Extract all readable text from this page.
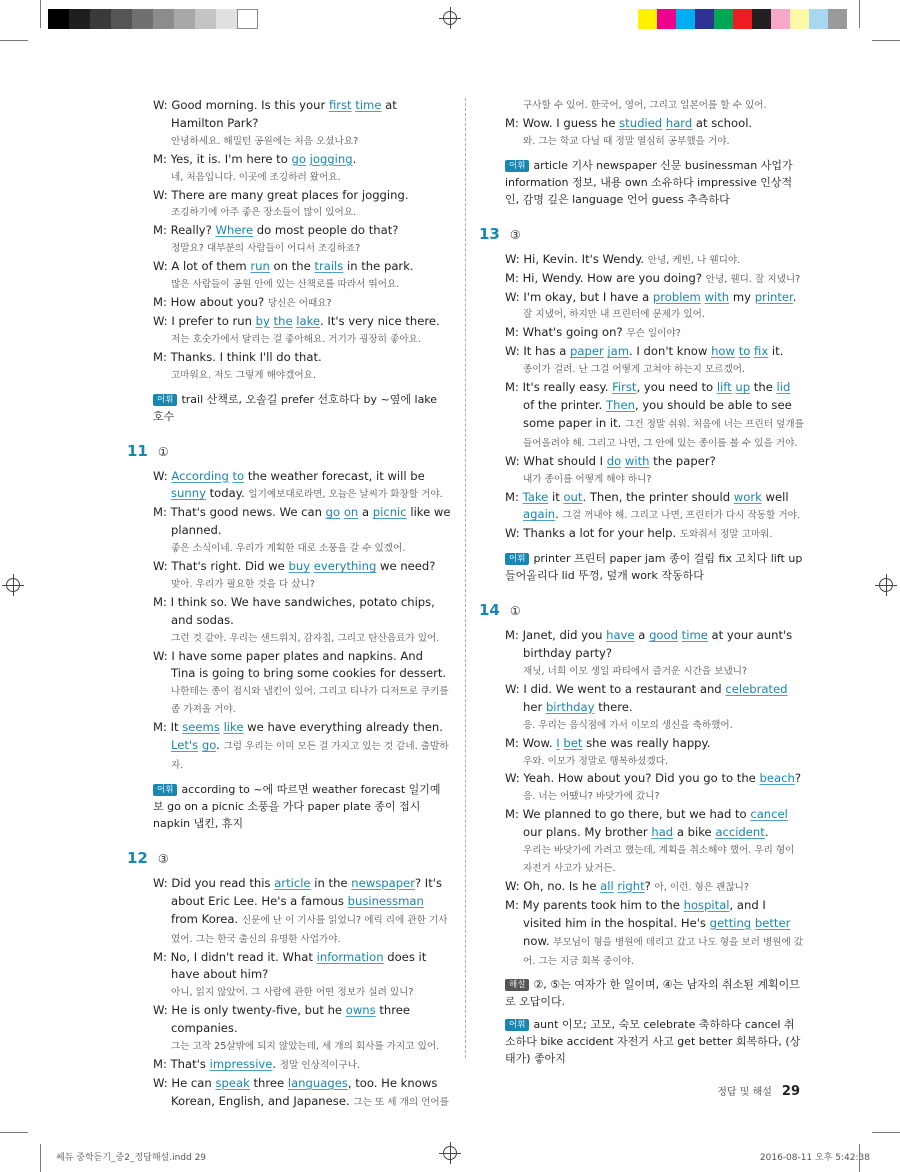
W: Good morning. Is this your first time at Hamilton Park?

안녕하세요. 해밀턴 공원에는 처음 오셨나요?

M: Yes, it is. I'm here to go jogging.

네, 처음입니다. 이곳에 조깅하러 왔어요.

W: There are many great places for jogging.

조깅하기에 아주 좋은 장소들이 많이 있어요.

M: Really? Where do most people do that?

정말요? 대부분의 사람들이 어디서 조깅하죠?

W: A lot of them run on the trails in the park.

많은 사람들이 공원 안에 있는 산책로를 따라서 뛰어요.

M: How about you? 당신은 어때요?

W: I prefer to run by the lake. It's very nice there.

저는 호숫가에서 달리는 걸 좋아해요. 거기가 굉장히 좋아요.

M: Thanks. I think I'll do that.

고마워요. 저도 그렇게 해야겠어요.

어휘 trail 산책로, 오솔길 prefer 선호하다 by ~옆에 lake 호수
11 ①

W: According to the weather forecast, it will be sunny today. 일기예보대로라면, 오늘은 날씨가 화창할 거야.

M: That's good news. We can go on a picnic like we planned.

좋은 소식이네. 우리가 계획한 대로 소풍을 갈 수 있겠어.

W: That's right. Did we buy everything we need?

맞아. 우리가 필요한 것을 다 샀니?

M: I think so. We have sandwiches, potato chips, and sodas.

그런 것 같아. 우리는 샌드위치, 감자칩, 그리고 탄산음료가 있어.

W: I have some paper plates and napkins. And Tina is going to bring some cookies for dessert.

나한테는 종이 접시와 냅킨이 있어. 그리고 티나가 디저트로 쿠키를 좀 가져올 거야.

M: It seems like we have everything already then. Let's go. 그럼 우리는 이미 모든 걸 가지고 있는 것 같네. 출발하자.

어휘 according to ~에 따르면 weather forecast 일기예보 go on a picnic 소풍을 가다 paper plate 종이 접시 napkin 냅킨, 휴지
12 ③

W: Did you read this article in the newspaper? It's about Eric Lee. He's a famous businessman from Korea. 신문에 난 이 기사를 읽었니? 에릭 리에 관한 기사였어. 그는 한국 출신의 유명한 사업가야.

M: No, I didn't read it. What information does it have about him?

아니, 읽지 않았어. 그 사람에 관한 어떤 정보가 실려 있니?

W: He is only twenty-five, but he owns three companies.

그는 고작 25살밖에 되지 않았는데, 세 개의 회사를 가지고 있어.

M: That's impressive. 정말 인상적이구나.

W: He can speak three languages, too. He knows Korean, English, and Japanese. 그는 또 세 개의 언어를

구사할 수 있어. 한국어, 영어, 그리고 일본어를 할 수 있어.

M: Wow. I guess he studied hard at school.

와. 그는 학교 다닐 때 정말 열심히 공부했을 거야.

어휘 article 기사 newspaper 신문 businessman 사업가 information 정보, 내용 own 소유하다 impressive 인상적인, 감명 깊은 language 언어 guess 추측하다
13 ③

W: Hi, Kevin. It's Wendy. 안녕, 케빈, 나 웬디야.

M: Hi, Wendy. How are you doing? 안녕, 웬디. 잘 지냈니?

W: I'm okay, but I have a problem with my printer.

잘 지냈어, 하지만 내 프린터에 문제가 있어.

M: What's going on? 무슨 일이야?

W: It has a paper jam. I don't know how to fix it.

종이가 걸려. 난 그걸 어떻게 고쳐야 하는지 모르겠어.

M: It's really easy. First, you need to lift up the lid of the printer. Then, you should be able to see some paper in it. 그건 정말 쉬워. 처음에 너는 프린터 덮개를 들어올려야 해. 그리고 나면, 그 안에 있는 종이를 볼 수 있을 거야.

W: What should I do with the paper?

내가 종이를 어떻게 해야 하니?

M: Take it out. Then, the printer should work well again. 그걸 꺼내야 해. 그리고 나면, 프린터가 다시 작동할 거야.

W: Thanks a lot for your help. 도와줘서 정말 고마워.

어휘 printer 프린터 paper jam 종이 걸림 fix 고치다 lift up 들어올리다 lid 뚜껑, 덮개 work 작동하다
14 ①

M: Janet, did you have a good time at your aunt's birthday party?

재닛, 너희 이모 생일 파티에서 즐거운 시간을 보냈니?

W: I did. We went to a restaurant and celebrated her birthday there.

응. 우리는 음식점에 가서 이모의 생신을 축하했어.

M: Wow. I bet she was really happy.

우와. 이모가 정말로 행복하셨겠다.

W: Yeah. How about you? Did you go to the beach?

응. 너는 어땠니? 바닷가에 갔니?

M: We planned to go there, but we had to cancel our plans. My brother had a bike accident.

우리는 바닷가에 가려고 했는데, 계획을 취소해야 했어. 우리 형이 자전거 사고가 났거든.

W: Oh, no. Is he all right? 아, 이런. 형은 괜찮니?

M: My parents took him to the hospital, and I visited him in the hospital. He's getting better now. 부모님이 형을 병원에 데리고 갔고 나도 형을 보러 병원에 갔어. 그는 지금 회복 중이야.

해설 ②, ⑤는 여자가 한 일이며, ④는 남자의 취소된 계획이므로 오답이다.
어휘 aunt 이모; 고모, 숙모 celebrate 축하하다 cancel 취소하다 bike accident 자전거 사고 get better 회복하다, (상태가) 좋아지
정답 및 해설 29
쎄듀 중학듣기_중2_정답해설.indd 29	2016-08-11 오후 5:42:38
